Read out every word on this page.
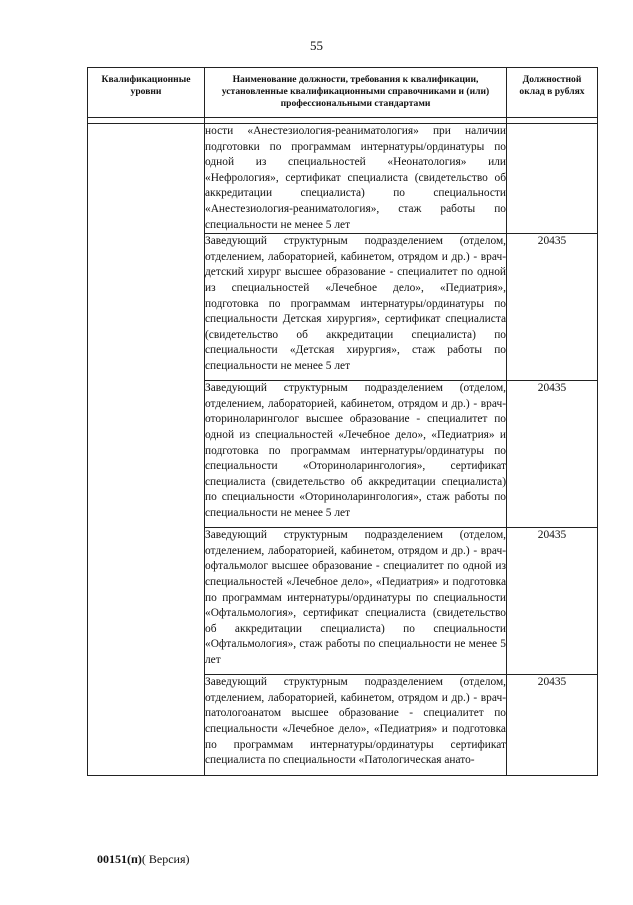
55
Квалификационные уровни	Наименование должности, требования к квалификации, установленные квалификационными справочниками и (или) профессиональными стандартами	Должностной оклад в рублях

	ности «Анестезиология-реаниматология» при наличии подготовки по программам интернатуры/ординатуры по одной из специальностей «Неонатология» или «Нефрология», сертификат специалиста (свидетельство об аккредитации специалиста) по специальности «Анестезиология-реаниматология», стаж работы по специальности не менее 5 лет	

	Заведующий структурным подразделением (отделом, отделением, лабораторией, кабинетом, отрядом и др.) - врач-детский хирург высшее образование - специалитет по одной из специальностей «Лечебное дело», «Педиатрия», подготовка по программам интернатуры/ординатуры по специальности Детская хирургия», сертификат специалиста (свидетельство об аккредитации специалиста) по специальности «Детская хирургия», стаж работы по специальности не менее 5 лет	20435

	Заведующий структурным подразделением (отделом, отделением, лабораторией, кабинетом, отрядом и др.) - врач-оториноларинголог высшее образование - специалитет по одной из специальностей «Лечебное дело», «Педиатрия» и подготовка по программам интернатуры/ординатуры по специальности «Оториноларингология», сертификат специалиста (свидетельство об аккредитации специалиста) по специальности «Оториноларингология», стаж работы по специальности не менее 5 лет	20435

	Заведующий структурным подразделением (отделом, отделением, лабораторией, кабинетом, отрядом и др.) - врач-офтальмолог высшее образование - специалитет по одной из специальностей «Лечебное дело», «Педиатрия» и подготовка по программам интернатуры/ординатуры по специальности «Офтальмология», сертификат специалиста (свидетельство об аккредитации специалиста) по специальности «Офтальмология», стаж работы по специальности не менее 5 лет	20435

	Заведующий структурным подразделением (отделом, отделением, лабораторией, кабинетом, отрядом и др.) - врач-патологоанатом высшее образование - специалитет по специальности «Лечебное дело», «Педиатрия» и подготовка по программам интернатуры/ординатуры сертификат специалиста по специальности «Патологическая анато-	20435
00151(п)( Версия)
